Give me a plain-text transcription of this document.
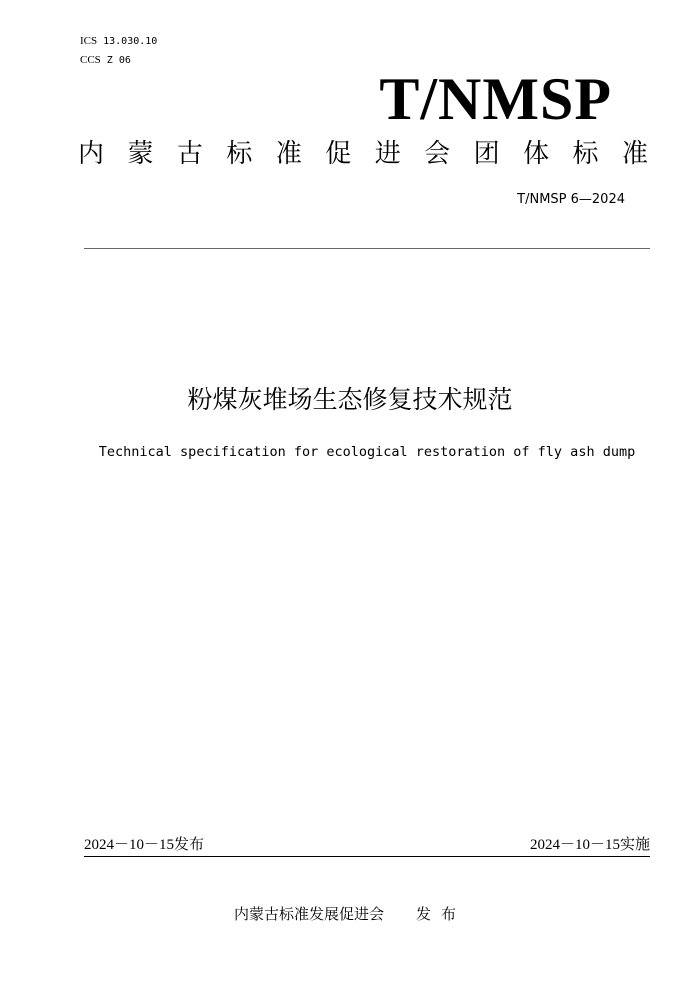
ICS 13.030.10
CCS Z 06
T/NMSP
内 蒙 古 标 准 促 进 会 团 体 标 准
T/NMSP 6—2024
粉煤灰堆场生态修复技术规范
Technical specification for ecological restoration of fly ash dump
2024－10－15发布	2024－10－15实施
内蒙古标准发展促进会 发布
